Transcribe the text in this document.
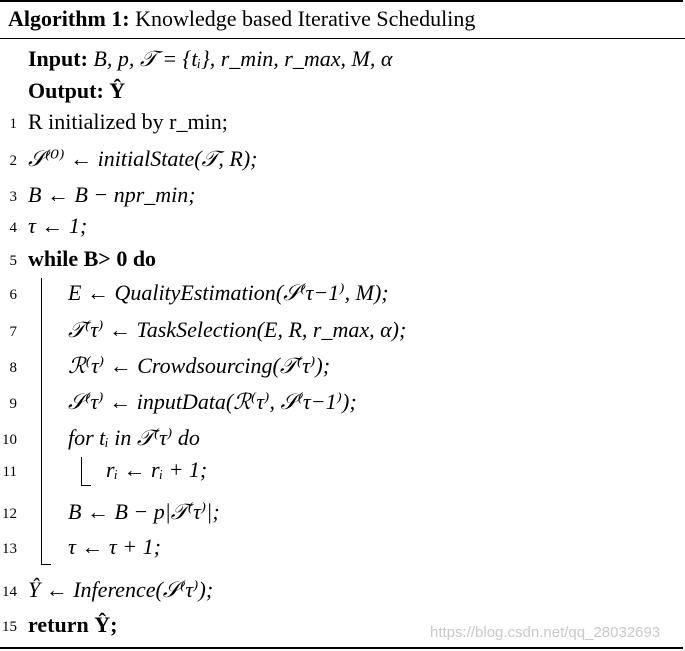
Algorithm 1: Knowledge based Iterative Scheduling
Input: B, p, 𝒯 = {tᵢ}, r_min, r_max, M, α
Output: Ŷ
1 R initialized by r_min;
2 𝒮⁽⁰⁾ ← initialState(𝒯, R);
3 B ← B − npr_min;
4 τ ← 1;
5 while B> 0 do
6 E ← QualityEstimation(𝒮⁽τ−1⁾, M);
7 𝒯⁽τ⁾ ← TaskSelection(E, R, r_max, α);
8 ℛ⁽τ⁾ ← Crowdsourcing(𝒯⁽τ⁾);
9 𝒮⁽τ⁾ ← inputData(ℛ⁽τ⁾, 𝒮⁽τ−1⁾);
10 for tᵢ in 𝒯⁽τ⁾ do
11	rᵢ ← rᵢ + 1;
12 B ← B − p|𝒯⁽τ⁾|;
13 τ ← τ + 1;
14 Ŷ ← Inference(𝒮⁽τ⁾);
15 return Ŷ;	https://blog.csdn.net/qq_28032693
